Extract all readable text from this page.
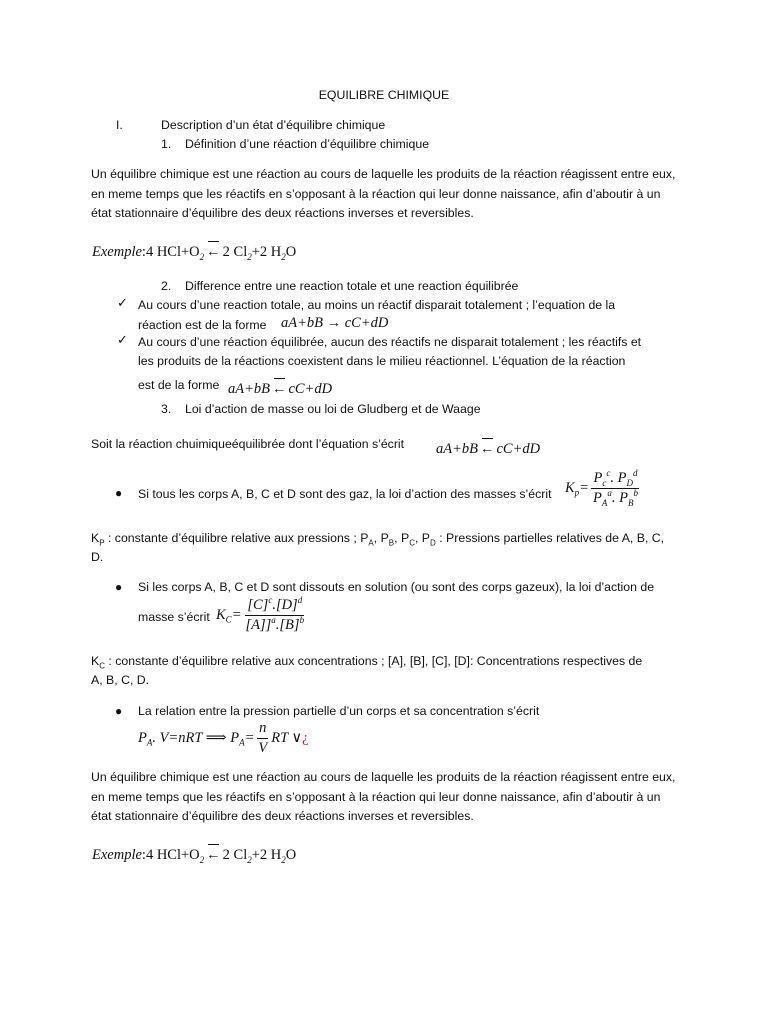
EQUILIBRE CHIMIQUE
I.	Description d’un état d’équilibre chimique
1. Définition d’une réaction d’équilibre chimique
Un équilibre chimique est une réaction au cours de laquelle les produits de la réaction réagissent entre eux, en meme temps que les réactifs en s’opposant à la réaction qui leur donne naissance, afin d’aboutir à un état stationnaire d’équilibre des deux réactions inverses et reversibles.
Exemple:4 $HCl+O_2$ ← 2 $Cl_2+2$ $H_2O$
2. Difference entre une reaction totale et une reaction équilibrée
✓ Au cours d’une reaction totale, au moins un réactif disparait totalement ; l’equation de la
réaction est de la forme aA+bB → cC+dD
✓ Au cours d’une réaction équilibrée, aucun des réactifs ne disparait totalement ; les réactifs et
les produits de la réactions coexistent dans le milieu réactionnel. L’équation de la réaction
est de la forme aA+bB ← cC+dD
3. Loi d’action de masse ou loi de Gludberg et de Waage
Soit la réaction chuimiqueéquilibrée dont l’équation s’écrit aA+bB ← cC+dD
● Si tous les corps A, B, C et D sont des gaz, la loi d’action des masses s’écrit $K_p= \frac{P_c^c. P_D^d}{P_A^a. P_B^b}$
$K_P$ : constante d’équilibre relative aux pressions ; $P_A$, $P_B$, $P_C$, $P_D$ : Pressions partielles relatives de A, B, C,
D.
● Si les corps A, B, C et D sont dissouts en solution (ou sont des corps gazeux), la loi d’action de
masse s’écrit $K_C= \frac{[C]^c.[D]^d}{[A]]^a.[B]^b}$
$K_C$ : constante d’équilibre relative aux concentrations ; [A], [B], [C], [D]: Concentrations respectives de
A, B, C, D.
● La relation entre la pression partielle d’un corps et sa concentration s’écrit
$P_A$. V=nRT ⟹ $P_A= \frac{n}{V}$ RT ∨¿
Un équilibre chimique est une réaction au cours de laquelle les produits de la réaction réagissent entre eux, en meme temps que les réactifs en s’opposant à la réaction qui leur donne naissance, afin d’aboutir à un état stationnaire d’équilibre des deux réactions inverses et reversibles.
Exemple:4 $HCl+O_2$ ← 2 $Cl_2+2$ $H_2O$
